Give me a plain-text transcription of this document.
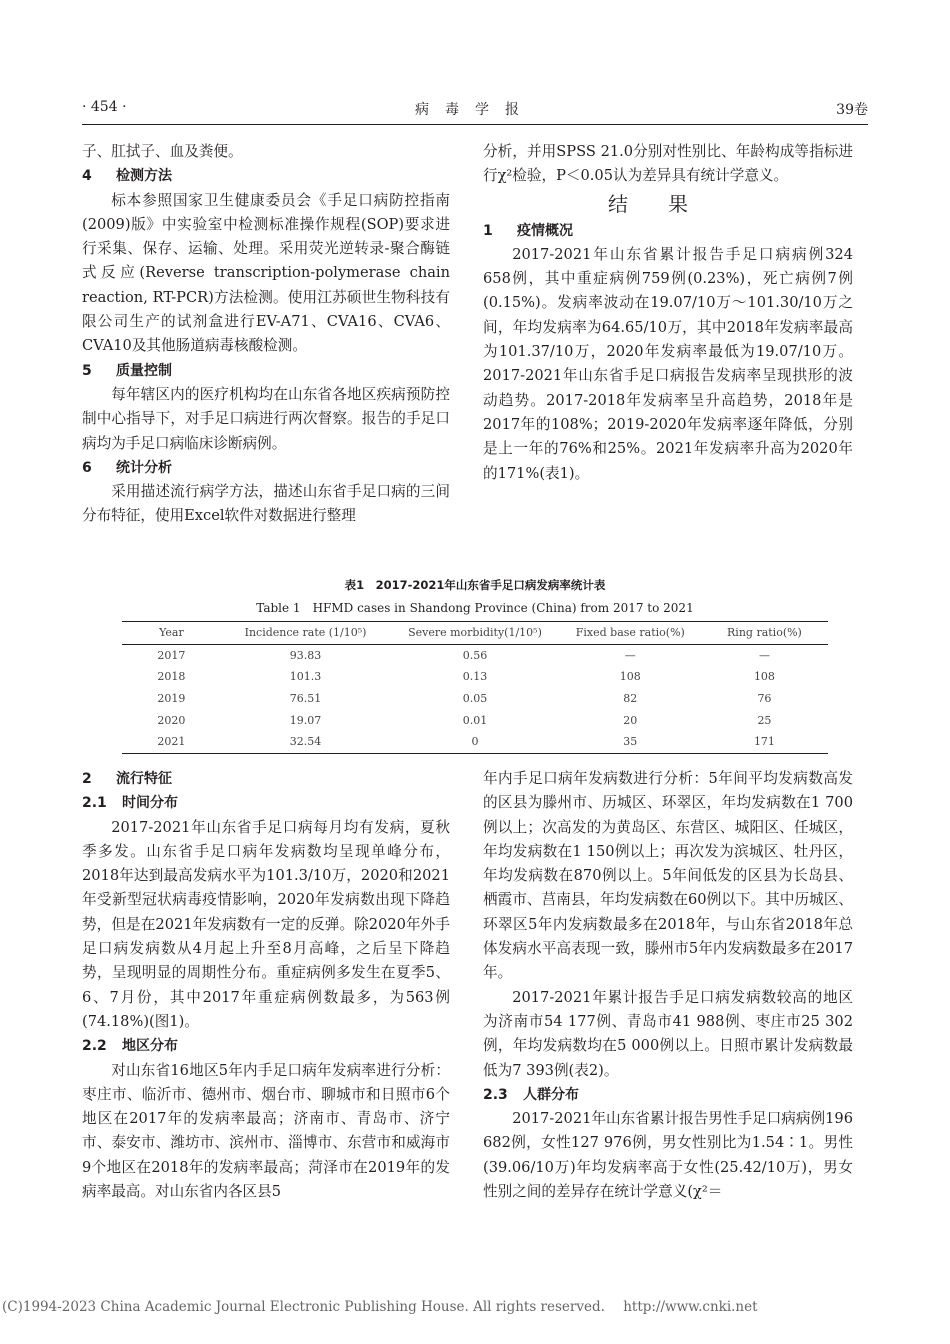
· 454 ·	病毒学报	39卷

子、肛拭子、血及粪便。

4 检测方法

标本参照国家卫生健康委员会《手足口病防控指南(2009)版》中实验室中检测标准操作规程(SOP)要求进行采集、保存、运输、处理。采用荧光逆转录-聚合酶链式反应(Reverse transcription-polymerase chain reaction, RT-PCR)方法检测。使用江苏硕世生物科技有限公司生产的试剂盒进行EV-A71、CVA16、CVA6、CVA10及其他肠道病毒核酸检测。

5 质量控制

每年辖区内的医疗机构均在山东省各地区疾病预防控制中心指导下，对手足口病进行两次督察。报告的手足口病均为手足口病临床诊断病例。

6 统计分析

采用描述流行病学方法，描述山东省手足口病的三间分布特征，使用Excel软件对数据进行整理

分析，并用SPSS 21.0分别对性别比、年龄构成等指标进行χ²检验，P＜0.05认为差异具有统计学意义。

结果

1 疫情概况

2017-2021年山东省累计报告手足口病病例324 658例，其中重症病例759例(0.23%)，死亡病例7例(0.15%)。发病率波动在19.07/10万～101.30/10万之间，年均发病率为64.65/10万，其中2018年发病率最高为101.37/10万，2020年发病率最低为19.07/10万。2017-2021年山东省手足口病报告发病率呈现拱形的波动趋势。2017-2018年发病率呈升高趋势，2018年是2017年的108%；2019-2020年发病率逐年降低，分别是上一年的76%和25%。2021年发病率升高为2020年的171%(表1)。

表1　2017-2021年山东省手足口病发病率统计表
Table 1　HFMD cases in Shandong Province (China) from 2017 to 2021
Year	Incidence rate (1/10⁵)	Severe morbidity(1/10⁵)	Fixed base ratio(%)	Ring ratio(%)
2017	93.83	0.56	—	—
2018	101.3	0.13	108	108
2019	76.51	0.05	82	76
2020	19.07	0.01	20	25
2021	32.54	0	35	171

2 流行特征

2.1 时间分布

2017-2021年山东省手足口病每月均有发病，夏秋季多发。山东省手足口病年发病数均呈现单峰分布，2018年达到最高发病水平为101.3/10万，2020和2021年受新型冠状病毒疫情影响，2020年发病数出现下降趋势，但是在2021年发病数有一定的反弹。除2020年外手足口病发病数从4月起上升至8月高峰，之后呈下降趋势，呈现明显的周期性分布。重症病例多发生在夏季5、6、7月份，其中2017年重症病例数最多，为563例(74.18%)(图1)。

2.2 地区分布

对山东省16地区5年内手足口病年发病率进行分析：枣庄市、临沂市、德州市、烟台市、聊城市和日照市6个地区在2017年的发病率最高；济南市、青岛市、济宁市、泰安市、潍坊市、滨州市、淄博市、东营市和威海市9个地区在2018年的发病率最高；菏泽市在2019年的发病率最高。对山东省内各区县5

年内手足口病年发病数进行分析：5年间平均发病数高发的区县为滕州市、历城区、环翠区，年均发病数在1 700例以上；次高发的为黄岛区、东营区、城阳区、任城区，年均发病数在1 150例以上；再次发为滨城区、牡丹区，年均发病数在870例以上。5年间低发的区县为长岛县、栖霞市、莒南县，年均发病数在60例以下。其中历城区、环翠区5年内发病数最多在2018年，与山东省2018年总体发病水平高表现一致，滕州市5年内发病数最多在2017年。

2017-2021年累计报告手足口病发病数较高的地区为济南市54 177例、青岛市41 988例、枣庄市25 302例，年均发病数均在5 000例以上。日照市累计发病数最低为7 393例(表2)。

2.3 人群分布

2017-2021年山东省累计报告男性手足口病病例196 682例，女性127 976例，男女性别比为1.54∶1。男性(39.06/10万)年均发病率高于女性(25.42/10万)，男女性别之间的差异存在统计学意义(χ²＝

(C)1994-2023 China Academic Journal Electronic Publishing House. All rights reserved. http://www.cnki.net
